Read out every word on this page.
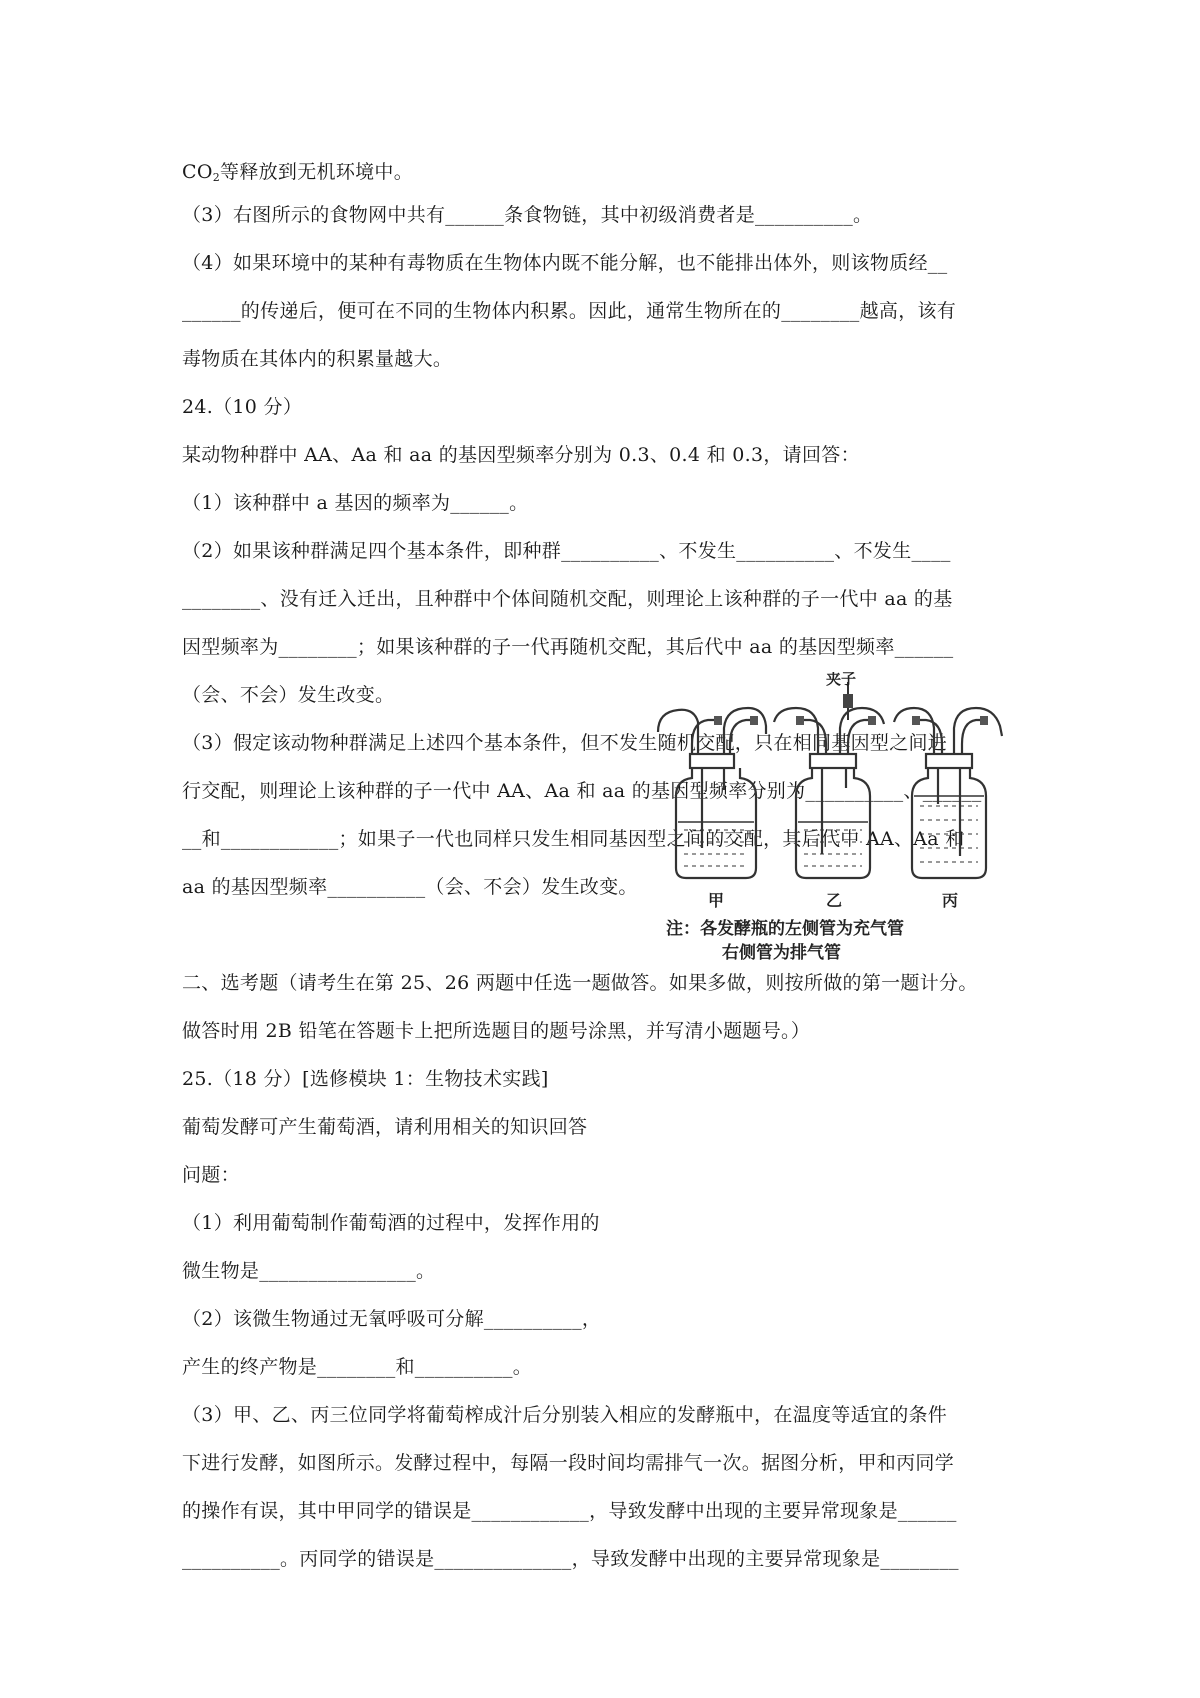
$CO_2$等释放到无机环境中。
（3）右图所示的食物网中共有______条食物链，其中初级消费者是__________。
（4）如果环境中的某种有毒物质在生物体内既不能分解，也不能排出体外，则该物质经__
______的传递后，便可在不同的生物体内积累。因此，通常生物所在的________越高，该有
毒物质在其体内的积累量越大。
24.（10 分）
某动物种群中 AA、Aa 和 aa 的基因型频率分别为 0.3、0.4 和 0.3，请回答：
（1）该种群中 a 基因的频率为______。
（2）如果该种群满足四个基本条件，即种群__________、不发生__________、不发生____
________、没有迁入迁出，且种群中个体间随机交配，则理论上该种群的子一代中 aa 的基
因型频率为________；如果该种群的子一代再随机交配，其后代中 aa 的基因型频率______
（会、不会）发生改变。
（3）假定该动物种群满足上述四个基本条件，但不发生随机交配，只在相同基因型之间进
行交配，则理论上该种群的子一代中 AA、Aa 和 aa 的基因型频率分别为__________、______
__和____________；如果子一代也同样只发生相同基因型之间的交配，其后代中 AA、Aa 和
aa 的基因型频率__________（会、不会）发生改变。
二、选考题（请考生在第 25、26 两题中任选一题做答。如果多做，则按所做的第一题计分。
做答时用 2B 铅笔在答题卡上把所选题目的题号涂黑，并写清小题题号。）
25.（18 分）[选修模块 1：生物技术实践]
葡萄发酵可产生葡萄酒，请利用相关的知识回答
问题：
（1）利用葡萄制作葡萄酒的过程中，发挥作用的
微生物是________________。
（2）该微生物通过无氧呼吸可分解__________，
产生的终产物是________和__________。
（3）甲、乙、丙三位同学将葡萄榨成汁后分别装入相应的发酵瓶中，在温度等适宜的条件
下进行发酵，如图所示。发酵过程中，每隔一段时间均需排气一次。据图分析，甲和丙同学
的操作有误，其中甲同学的错误是____________，导致发酵中出现的主要异常现象是______
__________。丙同学的错误是______________，导致发酵中出现的主要异常现象是________
夹子
甲	乙	丙
注：各发酵瓶的左侧管为充气管
右侧管为排气管
